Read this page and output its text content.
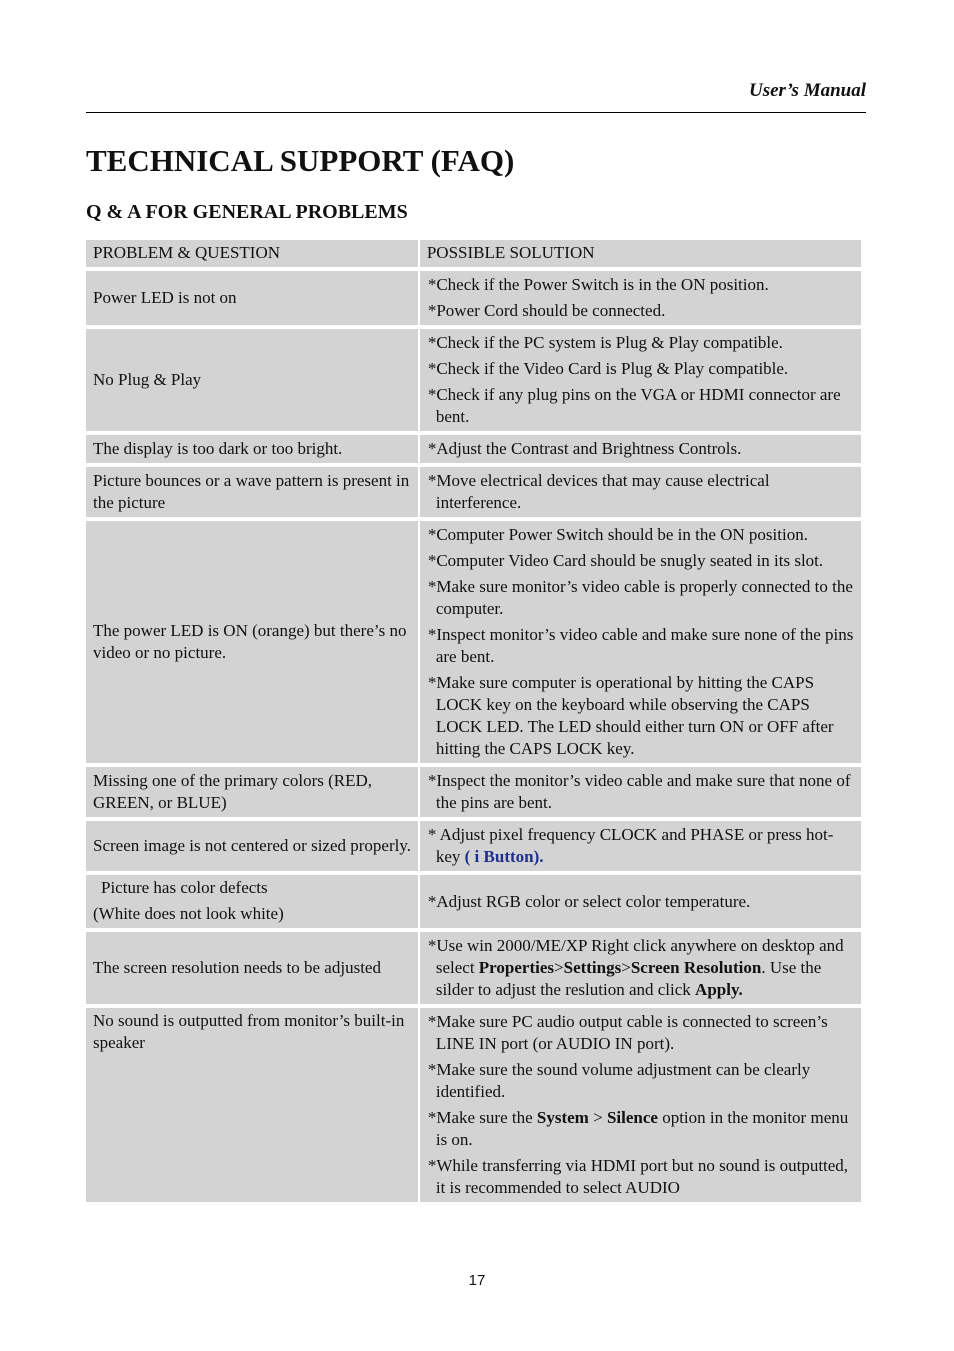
User’s Manual
TECHNICAL SUPPORT (FAQ)
Q & A FOR GENERAL PROBLEMS
PROBLEM & QUESTION	POSSIBLE SOLUTION
Power LED is not on	*Check if the Power Switch is in the ON position.
*Power Cord should be connected.

No Plug & Play	*Check if the PC system is Plug & Play compatible.
*Check if the Video Card is Plug & Play compatible.
*Check if any plug pins on the VGA or HDMI connector are bent.

The display is too dark or too bright.	*Adjust the Contrast and Brightness Controls.

Picture bounces or a wave pattern is present in the picture	*Move electrical devices that may cause electrical interference.

The power LED is ON (orange) but there’s no video or no picture.	*Computer Power Switch should be in the ON position.
*Computer Video Card should be snugly seated in its slot.
*Make sure monitor’s video cable is properly connected to the computer.
*Inspect monitor’s video cable and make sure none of the pins are bent.
*Make sure computer is operational by hitting the CAPS LOCK key on the keyboard while observing the CAPS LOCK LED. The LED should either turn ON or OFF after hitting the CAPS LOCK key.

Missing one of the primary colors (RED, GREEN, or BLUE)	*Inspect the monitor’s video cable and make sure that none of the pins are bent.

Screen image is not centered or sized properly.	* Adjust pixel frequency CLOCK and PHASE or press hot-key ( i Button).

Picture has color defects
(White does not look white)	*Adjust RGB color or select color temperature.

The screen resolution needs to be adjusted	*Use win 2000/ME/XP Right click anywhere on desktop and select Properties>Settings>Screen Resolution. Use the silder to adjust the reslution and click Apply.

No sound is outputted from monitor’s built-in speaker	*Make sure PC audio output cable is connected to screen’s LINE IN port (or AUDIO IN port).
*Make sure the sound volume adjustment can be clearly identified.
*Make sure the System > Silence option in the monitor menu is on.
*While transferring via HDMI port but no sound is outputted, it is recommended to select AUDIO
17
